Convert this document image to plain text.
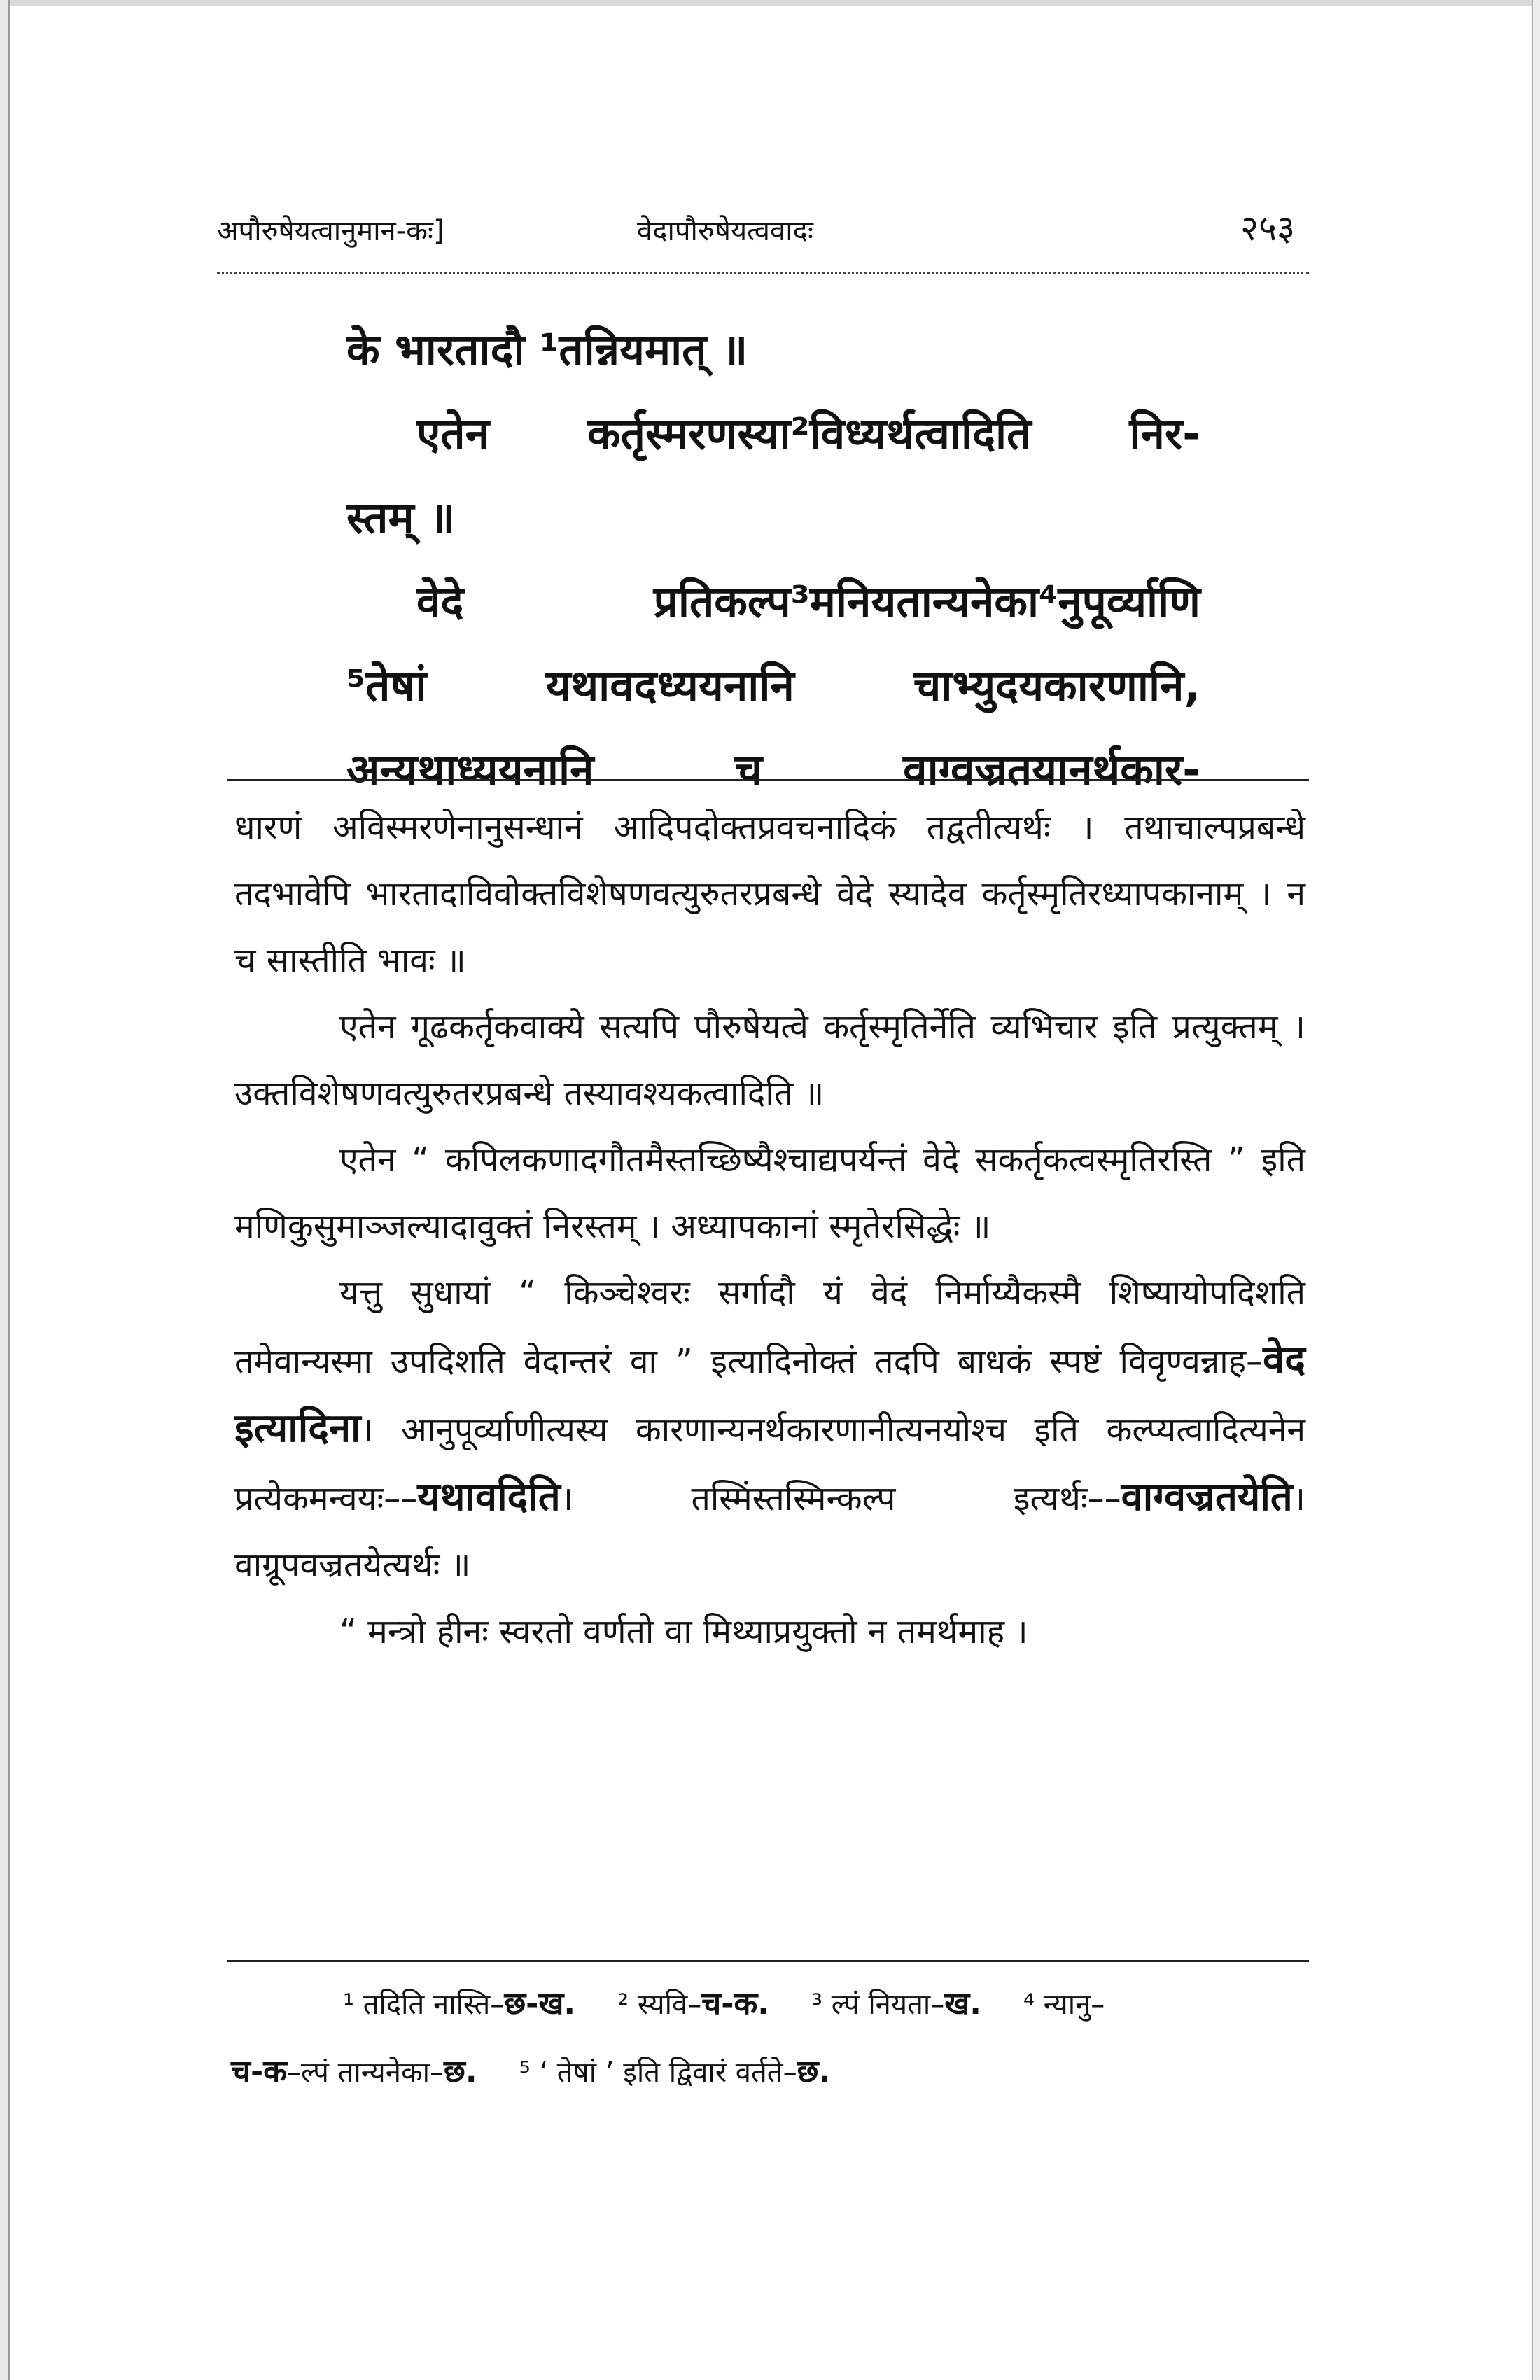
अपौरुषेयत्वानुमान-कः]	वेदापौरुषेयत्ववादः	२५३

के भारतादौ ¹तन्नियमात् ॥

एतेन कर्तृस्मरणस्या²विध्यर्थत्वादिति निर-

स्तम् ॥

वेदे प्रतिकल्प³मनियतान्यनेका⁴नुपूर्व्याणि

⁵तेषां यथावदध्ययनानि चाभ्युदयकारणानि,

अन्यथाध्ययनानि च वाग्वज्रतयानर्थकार-

धारणं अविस्मरणेनानुसन्धानं आदिपदोक्तप्रवचनादिकं तद्वतीत्यर्थः । तथाचाल्पप्रबन्धे तदभावेपि भारतादाविवोक्तविशेषणवत्युरुतरप्रबन्धे वेदे स्यादेव कर्तृस्मृतिरध्यापकानाम् । न च सास्तीति भावः ॥

एतेन गूढकर्तृकवाक्ये सत्यपि पौरुषेयत्वे कर्तृस्मृतिर्नेति व्यभिचार इति प्रत्युक्तम् । उक्तविशेषणवत्युरुतरप्रबन्धे तस्यावश्यकत्वादिति ॥

एतेन “ कपिलकणादगौतमैस्तच्छिष्यैश्चाद्यपर्यन्तं वेदे सकर्तृकत्वस्मृतिरस्ति ” इति मणिकुसुमाञ्जल्यादावुक्तं निरस्तम् । अध्यापकानां स्मृतेरसिद्धेः ॥

यत्तु सुधायां “ किञ्चेश्वरः सर्गादौ यं वेदं निर्माय्यैकस्मै शिष्यायोपदिशति तमेवान्यस्मा उपदिशति वेदान्तरं वा ” इत्यादिनोक्तं तदपि बाधकं स्पष्टं विवृण्वन्नाह–वेद इत्यादिना। आनुपूर्व्याणीत्यस्य कारणान्यनर्थकारणानीत्यनयोश्च इति कल्प्यत्वादित्यनेन प्रत्येकमन्वयः––यथावदिति। तस्मिंस्तस्मिन्कल्प इत्यर्थः––वाग्वज्रतयेति। वाग्रूपवज्रतयेत्यर्थः ॥

“ मन्त्रो हीनः स्वरतो वर्णतो वा मिथ्याप्रयुक्तो न तमर्थमाह ।

¹ तदिति नास्ति–छ-ख. ² स्यवि–च-क. ³ ल्पं नियता–ख. ⁴ न्यानु–

च-क–ल्पं तान्यनेका–छ. ⁵ ‘ तेषां ’ इति द्विवारं वर्तते–छ.
